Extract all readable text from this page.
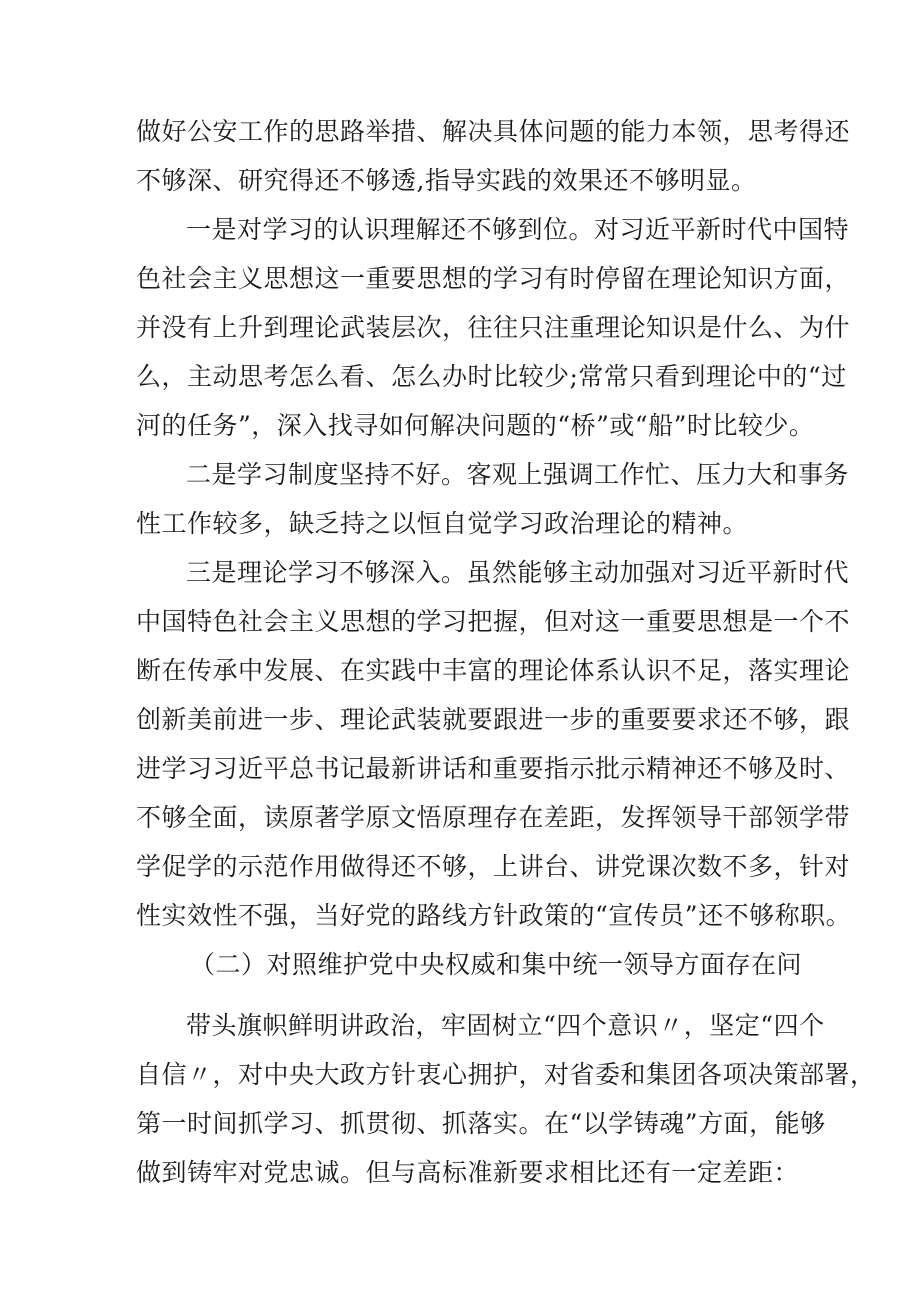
做好公安工作的思路举措、解决具体问题的能力本领，思考得还
不够深、研究得还不够透,指导实践的效果还不够明显。
一是对学习的认识理解还不够到位。对习近平新时代中国特
色社会主义思想这一重要思想的学习有时停留在理论知识方面，
并没有上升到理论武装层次，往往只注重理论知识是什么、为什
么，主动思考怎么看、怎么办时比较少;常常只看到理论中的“过
河的任务”，深入找寻如何解决问题的“桥”或“船”时比较少。
二是学习制度坚持不好。客观上强调工作忙、压力大和事务
性工作较多，缺乏持之以恒自觉学习政治理论的精神。
三是理论学习不够深入。虽然能够主动加强对习近平新时代
中国特色社会主义思想的学习把握，但对这一重要思想是一个不
断在传承中发展、在实践中丰富的理论体系认识不足，落实理论
创新美前进一步、理论武装就要跟进一步的重要要求还不够，跟
进学习习近平总书记最新讲话和重要指示批示精神还不够及时、
不够全面，读原著学原文悟原理存在差距，发挥领导干部领学带
学促学的示范作用做得还不够，上讲台、讲党课次数不多，针对
性实效性不强，当好党的路线方针政策的“宣传员”还不够称职。
（二）对照维护党中央权威和集中统一领导方面存在问
带头旗帜鲜明讲政治，牢固树立“四个意识〃，坚定“四个
自信〃，对中央大政方针衷心拥护，对省委和集团各项决策部署，
第一时间抓学习、抓贯彻、抓落实。在“以学铸魂”方面，能够
做到铸牢对党忠诚。但与高标准新要求相比还有一定差距：
